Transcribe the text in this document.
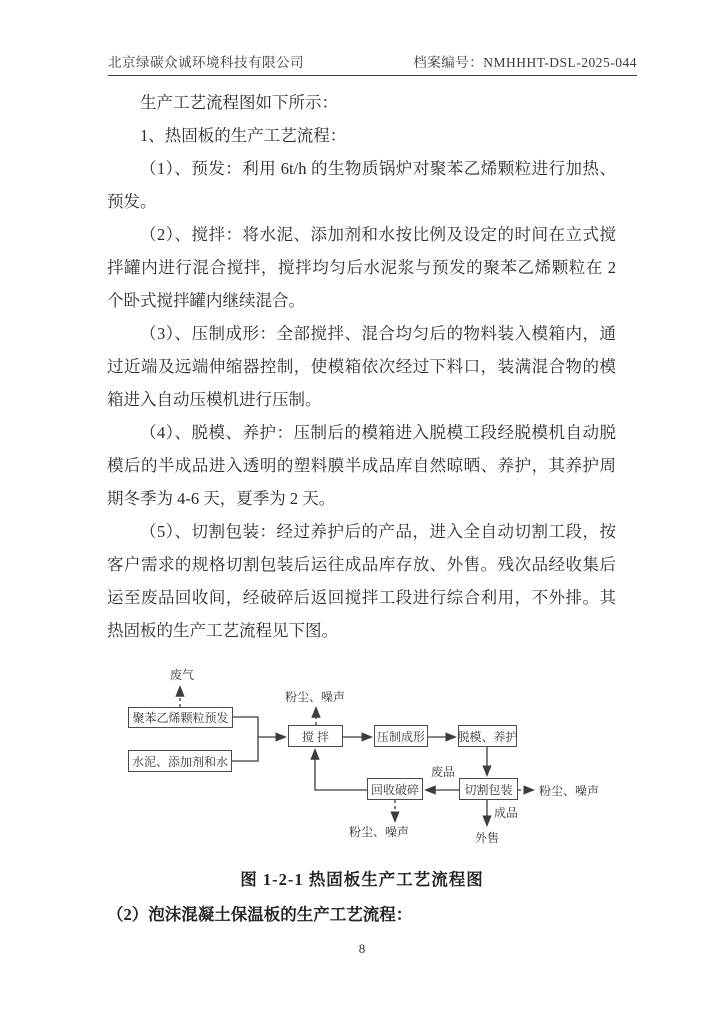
北京绿碳众诚环境科技有限公司	档案编号：NMHHHT-DSL-2025-044

生产工艺流程图如下所示：

1、热固板的生产工艺流程：

（1）、预发：利用 6t/h 的生物质锅炉对聚苯乙烯颗粒进行加热、预发。

（2）、搅拌：将水泥、添加剂和水按比例及设定的时间在立式搅拌罐内进行混合搅拌，搅拌均匀后水泥浆与预发的聚苯乙烯颗粒在 2 个卧式搅拌罐内继续混合。

（3）、压制成形：全部搅拌、混合均匀后的物料装入模箱内，通过近端及远端伸缩器控制，使模箱依次经过下料口，装满混合物的模箱进入自动压模机进行压制。

（4）、脱模、养护：压制后的模箱进入脱模工段经脱模机自动脱模后的半成品进入透明的塑料膜半成品库自然晾晒、养护，其养护周期冬季为 4-6 天，夏季为 2 天。

（5）、切割包装：经过养护后的产品，进入全自动切割工段，按客户需求的规格切割包装后运往成品库存放、外售。残次品经收集后运至废品回收间，经破碎后返回搅拌工段进行综合利用，不外排。其热固板的生产工艺流程见下图。

废气
聚苯乙烯颗粒预发
水泥、添加剂和水
粉尘、噪声
搅 拌	压制成形	脱模、养护
废品
回收破碎	切割包装	粉尘、噪声
成品
外售
粉尘、噪声
图 1-2-1 热固板生产工艺流程图
（2）泡沫混凝土保温板的生产工艺流程：
8
